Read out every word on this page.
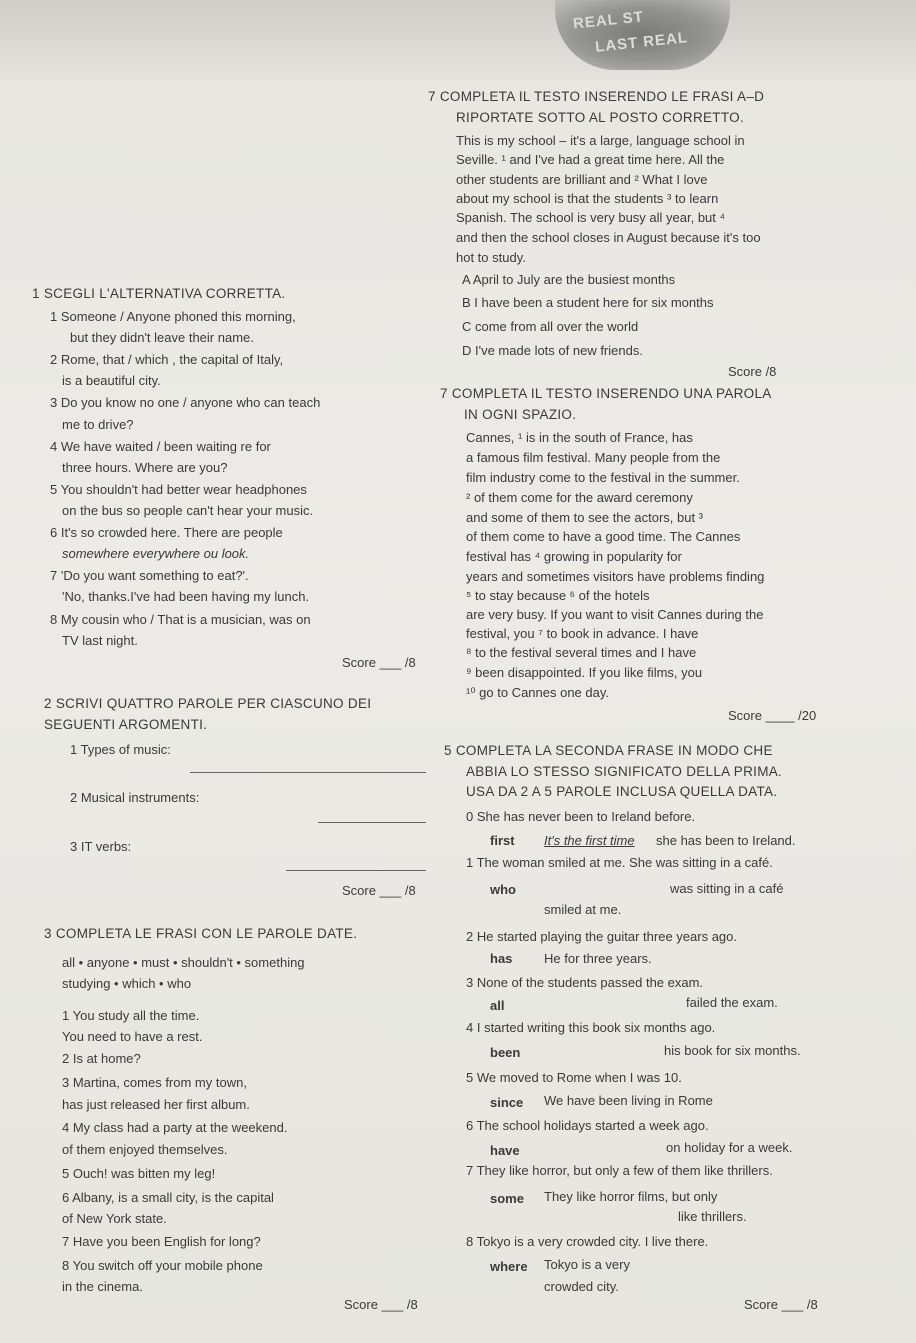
REAL ST
LAST REAL
7 COMPLETA IL TESTO INSERENDO LE FRASI A–D
RIPORTATE SOTTO AL POSTO CORRETTO.
This is my school – it's a large, language school in
Seville. ¹ and I've had a great time here. All the
other students are brilliant and ² What I love
about my school is that the students ³ to learn
Spanish. The school is very busy all year, but ⁴
and then the school closes in August because it's too
hot to study.
A April to July are the busiest months
B I have been a student here for six months
C come from all over the world
D I've made lots of new friends.
Score /8
7 COMPLETA IL TESTO INSERENDO UNA PAROLA
IN OGNI SPAZIO.
Cannes, ¹ is in the south of France, has
a famous film festival. Many people from the
film industry come to the festival in the summer.
² of them come for the award ceremony
and some of them to see the actors, but ³
of them come to have a good time. The Cannes
festival has ⁴ growing in popularity for
years and sometimes visitors have problems finding
⁵ to stay because ⁶ of the hotels
are very busy. If you want to visit Cannes during the
festival, you ⁷ to book in advance. I have
⁸ to the festival several times and I have
⁹ been disappointed. If you like films, you
¹⁰ go to Cannes one day.
Score ____ /20
5 COMPLETA LA SECONDA FRASE IN MODO CHE
ABBIA LO STESSO SIGNIFICATO DELLA PRIMA.
USA DA 2 A 5 PAROLE INCLUSA QUELLA DATA.
0 She has never been to Ireland before.
first It's the first time she has been to Ireland.
1 The woman smiled at me. She was sitting in a café.
who	was sitting in a café
smiled at me.
2 He started playing the guitar three years ago.
has He for three years.
3 None of the students passed the exam.
all	failed the exam.
4 I started writing this book six months ago.
been	his book for six months.
5 We moved to Rome when I was 10.
since We have been living in Rome
6 The school holidays started a week ago.
have	on holiday for a week.
7 They like horror, but only a few of them like thrillers.
some They like horror films, but only
like thrillers.
8 Tokyo is a very crowded city. I live there.
where Tokyo is a very
crowded city.
Score ___ /8
1 SCEGLI L'ALTERNATIVA CORRETTA.
1 Someone / Anyone phoned this morning,
but they didn't leave their name.
2 Rome, that / which , the capital of Italy,
is a beautiful city.
3 Do you know no one / anyone who can teach
me to drive?
4 We have waited / been waiting re for
three hours. Where are you?
5 You shouldn't had better wear headphones
on the bus so people can't hear your music.
6 It's so crowded here. There are people
somewhere everywhere ou look.
7 'Do you want something to eat?'.
'No, thanks.I've had been having my lunch.
8 My cousin who / That is a musician, was on
TV last night.
Score ___ /8
2 SCRIVI QUATTRO PAROLE PER CIASCUNO DEI
SEGUENTI ARGOMENTI.
1 Types of music:
2 Musical instruments:
3 IT verbs:
Score ___ /8
3 COMPLETA LE FRASI CON LE PAROLE DATE.
all • anyone • must • shouldn't • something
studying • which • who
1 You study all the time.
You need to have a rest.
2 Is at home?
3 Martina, comes from my town,
has just released her first album.
4 My class had a party at the weekend.
of them enjoyed themselves.
5 Ouch! was bitten my leg!
6 Albany, is a small city, is the capital
of New York state.
7 Have you been English for long?
8 You switch off your mobile phone
in the cinema.
Score ___ /8
